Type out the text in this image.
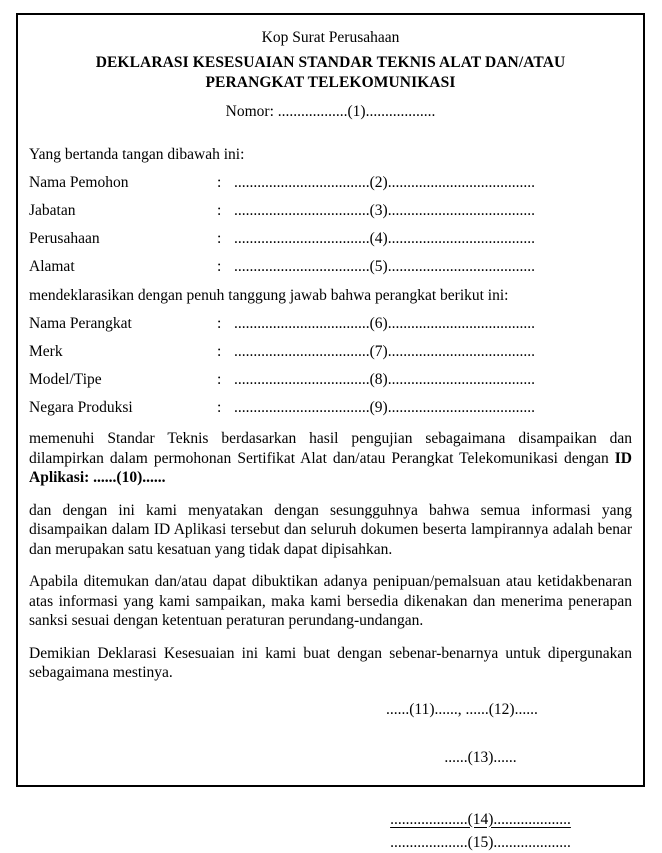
Kop Surat Perusahaan
DEKLARASI KESESUAIAN STANDAR TEKNIS ALAT DAN/ATAU
PERANGKAT TELEKOMUNIKASI
Nomor: ..................(1)..................
Yang bertanda tangan dibawah ini:
Nama Pemohon	: ...................................(2)......................................
Jabatan	: ...................................(3)......................................
Perusahaan	: ...................................(4)......................................
Alamat	: ...................................(5)......................................
mendeklarasikan dengan penuh tanggung jawab bahwa perangkat berikut ini:
Nama Perangkat	: ...................................(6)......................................
Merk	: ...................................(7)......................................
Model/Tipe	: ...................................(8)......................................
Negara Produksi	: ...................................(9)......................................
memenuhi Standar Teknis berdasarkan hasil pengujian sebagaimana disampaikan dan dilampirkan dalam permohonan Sertifikat Alat dan/atau Perangkat Telekomunikasi dengan ID Aplikasi: ......(10)......
dan dengan ini kami menyatakan dengan sesungguhnya bahwa semua informasi yang disampaikan dalam ID Aplikasi tersebut dan seluruh dokumen beserta lampirannya adalah benar dan merupakan satu kesatuan yang tidak dapat dipisahkan.
Apabila ditemukan dan/atau dapat dibuktikan adanya penipuan/pemalsuan atau ketidakbenaran atas informasi yang kami sampaikan, maka kami bersedia dikenakan dan menerima penerapan sanksi sesuai dengan ketentuan peraturan perundang-undangan.
Demikian Deklarasi Kesesuaian ini kami buat dengan sebenar-benarnya untuk dipergunakan sebagaimana mestinya.
......(11)......, ......(12)......
......(13)......
....................(14)....................
....................(15)....................
